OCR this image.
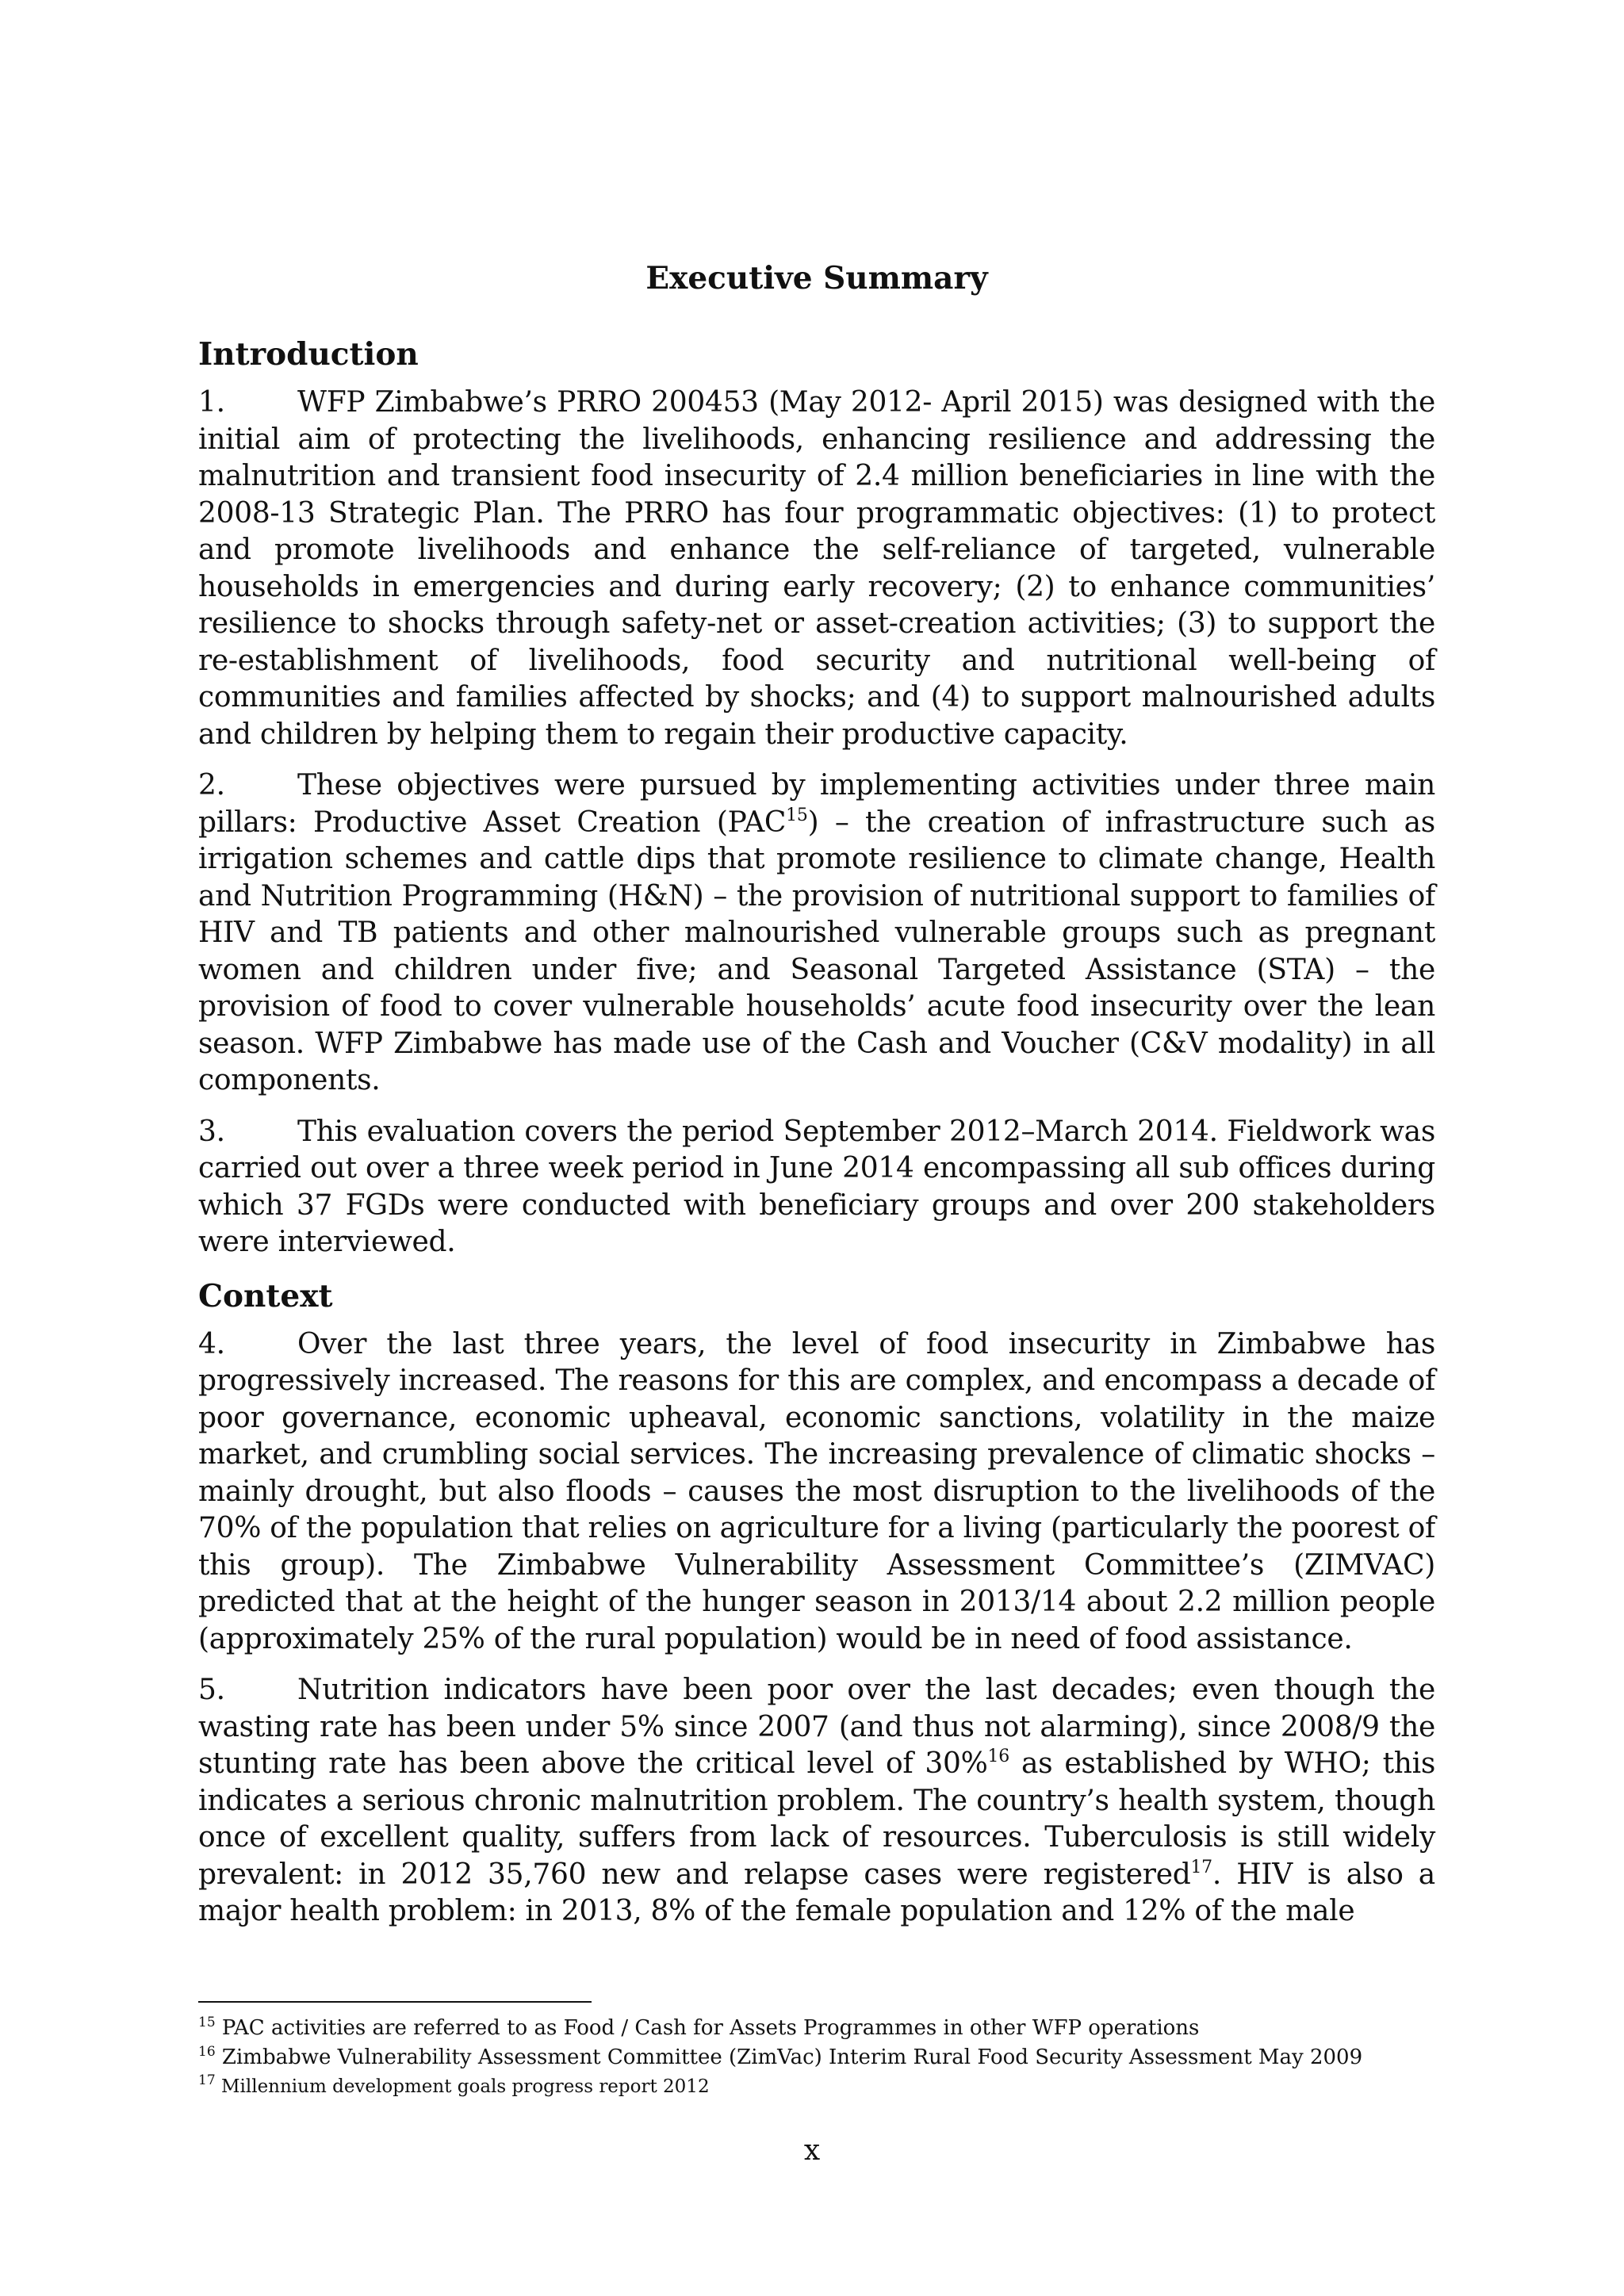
Executive Summary
Introduction

1.	WFP Zimbabwe’s PRRO 200453 (May 2012- April 2015) was designed with the initial aim of protecting the livelihoods, enhancing resilience and addressing the malnutrition and transient food insecurity of 2.4 million beneficiaries in line with the 2008-13 Strategic Plan. The PRRO has four programmatic objectives: (1) to protect and promote livelihoods and enhance the self-reliance of targeted, vulnerable households in emergencies and during early recovery; (2) to enhance communities’ resilience to shocks through safety-net or asset-creation activities; (3) to support the re-establishment of livelihoods, food security and nutritional well-being of communities and families affected by shocks; and (4) to support malnourished adults and children by helping them to regain their productive capacity.

2.	These objectives were pursued by implementing activities under three main pillars: Productive Asset Creation (PAC$^{15}$) – the creation of infrastructure such as irrigation schemes and cattle dips that promote resilience to climate change, Health and Nutrition Programming (H&N) – the provision of nutritional support to families of HIV and TB patients and other malnourished vulnerable groups such as pregnant women and children under five; and Seasonal Targeted Assistance (STA) – the provision of food to cover vulnerable households’ acute food insecurity over the lean season. WFP Zimbabwe has made use of the Cash and Voucher (C&V modality) in all components.

3.	This evaluation covers the period September 2012–March 2014. Fieldwork was carried out over a three week period in June 2014 encompassing all sub offices during which 37 FGDs were conducted with beneficiary groups and over 200 stakeholders were interviewed.

Context

4.	Over the last three years, the level of food insecurity in Zimbabwe has progressively increased. The reasons for this are complex, and encompass a decade of poor governance, economic upheaval, economic sanctions, volatility in the maize market, and crumbling social services. The increasing prevalence of climatic shocks – mainly drought, but also floods – causes the most disruption to the livelihoods of the 70% of the population that relies on agriculture for a living (particularly the poorest of this group). The Zimbabwe Vulnerability Assessment Committee’s (ZIMVAC) predicted that at the height of the hunger season in 2013/14 about 2.2 million people (approximately 25% of the rural population) would be in need of food assistance.

5.	Nutrition indicators have been poor over the last decades; even though the wasting rate has been under 5% since 2007 (and thus not alarming), since 2008/9 the stunting rate has been above the critical level of 30%$^{16}$ as established by WHO; this indicates a serious chronic malnutrition problem. The country’s health system, though once of excellent quality, suffers from lack of resources. Tuberculosis is still widely prevalent: in 2012 35,760 new and relapse cases were registered$^{17}$. HIV is also a major health problem: in 2013, 8% of the female population and 12% of the male

$^{15}$ PAC activities are referred to as Food / Cash for Assets Programmes in other WFP operations
$^{16}$ Zimbabwe Vulnerability Assessment Committee (ZimVac) Interim Rural Food Security Assessment May 2009
$^{17}$ Millennium development goals progress report 2012
x
